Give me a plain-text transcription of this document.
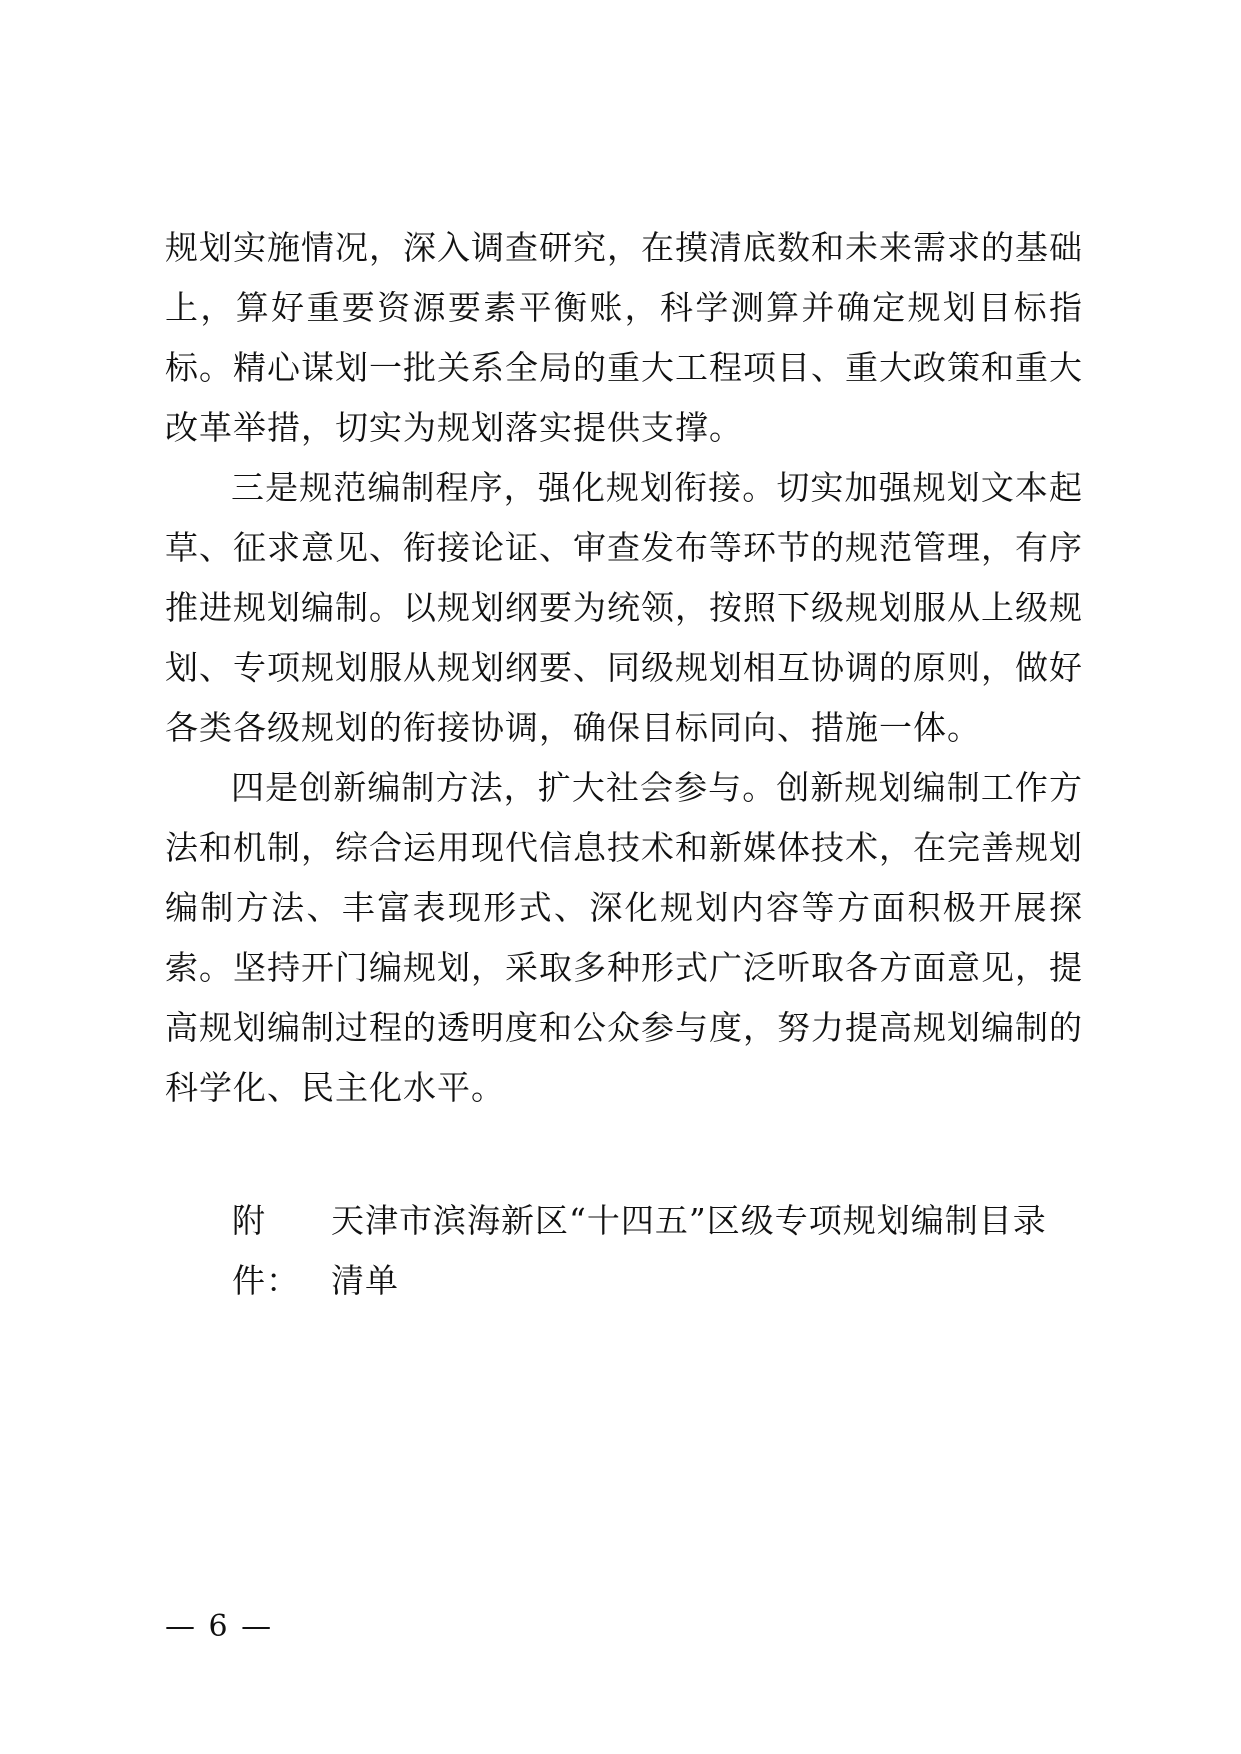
规划实施情况，深入调查研究，在摸清底数和未来需求的基础上，算好重要资源要素平衡账，科学测算并确定规划目标指标。精心谋划一批关系全局的重大工程项目、重大政策和重大改革举措，切实为规划落实提供支撑。

三是规范编制程序，强化规划衔接。切实加强规划文本起草、征求意见、衔接论证、审查发布等环节的规范管理，有序推进规划编制。以规划纲要为统领，按照下级规划服从上级规划、专项规划服从规划纲要、同级规划相互协调的原则，做好各类各级规划的衔接协调，确保目标同向、措施一体。

四是创新编制方法，扩大社会参与。创新规划编制工作方法和机制，综合运用现代信息技术和新媒体技术，在完善规划编制方法、丰富表现形式、深化规划内容等方面积极开展探索。坚持开门编规划，采取多种形式广泛听取各方面意见，提高规划编制过程的透明度和公众参与度，努力提高规划编制的科学化、民主化水平。

附件：天津市滨海新区“十四五”区级专项规划编制目录清单
— 6 —
